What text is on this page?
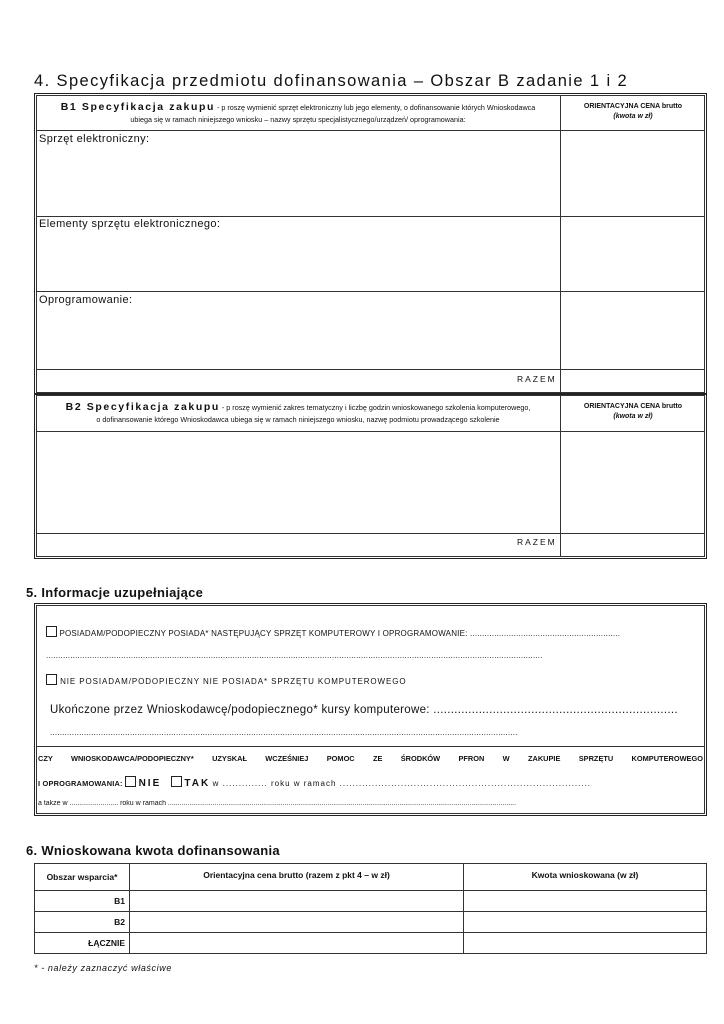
4. Specyfikacja przedmiotu dofinansowania – Obszar B zadanie 1 i 2
B1 Specyfikacja zakupu - p roszę wymienić sprzęt elektroniczny lub jego elementy, o dofinansowanie których Wnioskodawca
ubiega się w ramach niniejszego wniosku – nazwy sprzętu specjalistycznego/urządzeń/ oprogramowania:
ORIENTACYJNA CENA brutto
(kwota w zł)
Sprzęt elektroniczny:
Elementy sprzętu elektronicznego:
Oprogramowanie:
RAZEM
B2 Specyfikacja zakupu - p roszę wymienić zakres tematyczny i liczbę godzin wnioskowanego szkolenia komputerowego,
o dofinansowanie którego Wnioskodawca ubiega się w ramach niniejszego wniosku, nazwę podmiotu prowadzącego szkolenie
ORIENTACYJNA CENA brutto
(kwota w zł)
RAZEM
5. Informacje uzupełniające
POSIADAM/PODOPIECZNY POSIADA* NASTĘPUJĄCY SPRZĘT KOMPUTEROWY I OPROGRAMOWANIE: ..............................................................
.............................................................................................................................................................................................................
NIE POSIADAM/PODOPIECZNY NIE POSIADA* SPRZĘTU KOMPUTEROWEGO
Ukończone przez Wnioskodawcę/podopiecznego* kursy komputerowe: ......................................................................
.................................................................................................................................................................................................
CZY WNIOSKODAWCA/PODOPIECZNY* UZYSKAŁ WCZEŚNIEJ POMOC ZE ŚRODKÓW PFRON W ZAKUPIE SPRZĘTU KOMPUTEROWEGO
I OPROGRAMOWANIA: NIE TAK w .............. roku w ramach ..............................................................................
a także w ......................... roku w ramach ...................................................................................................................................................................................
6. Wnioskowana kwota dofinansowania
Obszar wsparcia*	Orientacyjna cena brutto (razem z pkt 4 – w zł)	Kwota wnioskowana (w zł)
B1		
B2		
ŁĄCZNIE		
* - należy zaznaczyć właściwe
